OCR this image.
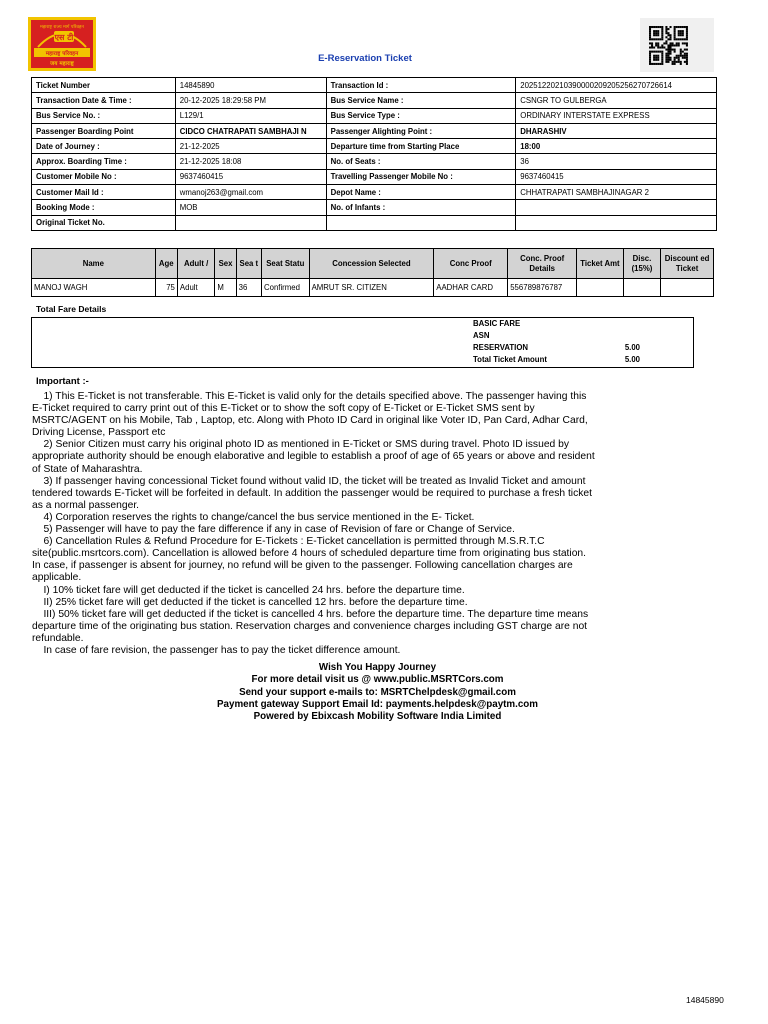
एस टी
महाराष्ट्र राज्य मार्ग परिवहन
महाराष्ट्र परिवहन
जय महाराष्ट्र	E-Reservation Ticket
Ticket Number	14845890	Transaction Id :	20251220210390000209205256270726614
Transaction Date & Time :	20-12-2025 18:29:58 PM	Bus Service Name :	CSNGR TO GULBERGA
Bus Service No. :	L129/1	Bus Service Type :	ORDINARY INTERSTATE EXPRESS
Passenger Boarding Point	CIDCO CHATRAPATI SAMBHAJI N	Passenger Alighting Point :	DHARASHIV
Date of Journey :	21-12-2025	Departure time from Starting Place	18:00
Approx. Boarding Time :	21-12-2025 18:08	No. of Seats :	36
Customer Mobile No :	9637460415	Travelling Passenger Mobile No :	9637460415
Customer Mail Id :	wmanoj263@gmail.com	Depot Name :	CHHATRAPATI SAMBHAJINAGAR 2
Booking Mode :	MOB	No. of Infants :	
Original Ticket No.			
Name	Age	Adult /	Sex	Sea t	Seat Statu	Concession Selected	Conc Proof	Conc. Proof Details	Ticket Amt	Disc. (15%)	Discount ed Ticket
MANOJ WAGH	75	Adult	M	36	Confirmed	AMRUT SR. CITIZEN	AADHAR CARD	556789876787			
Total Fare Details
BASIC FARE
ASN
RESERVATION	5.00
Total Ticket Amount	5.00
Important :-

1) This E-Ticket is not transferable. This E-Ticket is valid only for the details specified above. The passenger having this

E-Ticket required to carry print out of this E-Ticket or to show the soft copy of E-Ticket or E-Ticket SMS sent by

MSRTC/AGENT on his Mobile, Tab , Laptop, etc. Along with Photo ID Card in original like Voter ID, Pan Card, Adhar Card,

Driving License, Passport etc

2) Senior Citizen must carry his original photo ID as mentioned in E-Ticket or SMS during travel. Photo ID issued by

appropriate authority should be enough elaborative and legible to establish a proof of age of 65 years or above and resident

of State of Maharashtra.

3) If passenger having concessional Ticket found without valid ID, the ticket will be treated as Invalid Ticket and amount

tendered towards E-Ticket will be forfeited in default. In addition the passenger would be required to purchase a fresh ticket

as a normal passenger.

4) Corporation reserves the rights to change/cancel the bus service mentioned in the E- Ticket.

5) Passenger will have to pay the fare difference if any in case of Revision of fare or Change of Service.

6) Cancellation Rules & Refund Procedure for E-Tickets : E-Ticket cancellation is permitted through M.S.R.T.C

site(public.msrtcors.com). Cancellation is allowed before 4 hours of scheduled departure time from originating bus station.

In case, if passenger is absent for journey, no refund will be given to the passenger. Following cancellation charges are

applicable.

I) 10% ticket fare will get deducted if the ticket is cancelled 24 hrs. before the departure time.

II) 25% ticket fare will get deducted if the ticket is cancelled 12 hrs. before the departure time.

III) 50% ticket fare will get deducted if the ticket is cancelled 4 hrs. before the departure time. The departure time means

departure time of the originating bus station. Reservation charges and convenience charges including GST charge are not

refundable.

In case of fare revision, the passenger has to pay the ticket difference amount.

Wish You Happy Journey
For more detail visit us @ www.public.MSRTCors.com
Send your support e-mails to: MSRTChelpdesk@gmail.com
Payment gateway Support Email Id: payments.helpdesk@paytm.com
Powered by Ebixcash Mobility Software India Limited
14845890
